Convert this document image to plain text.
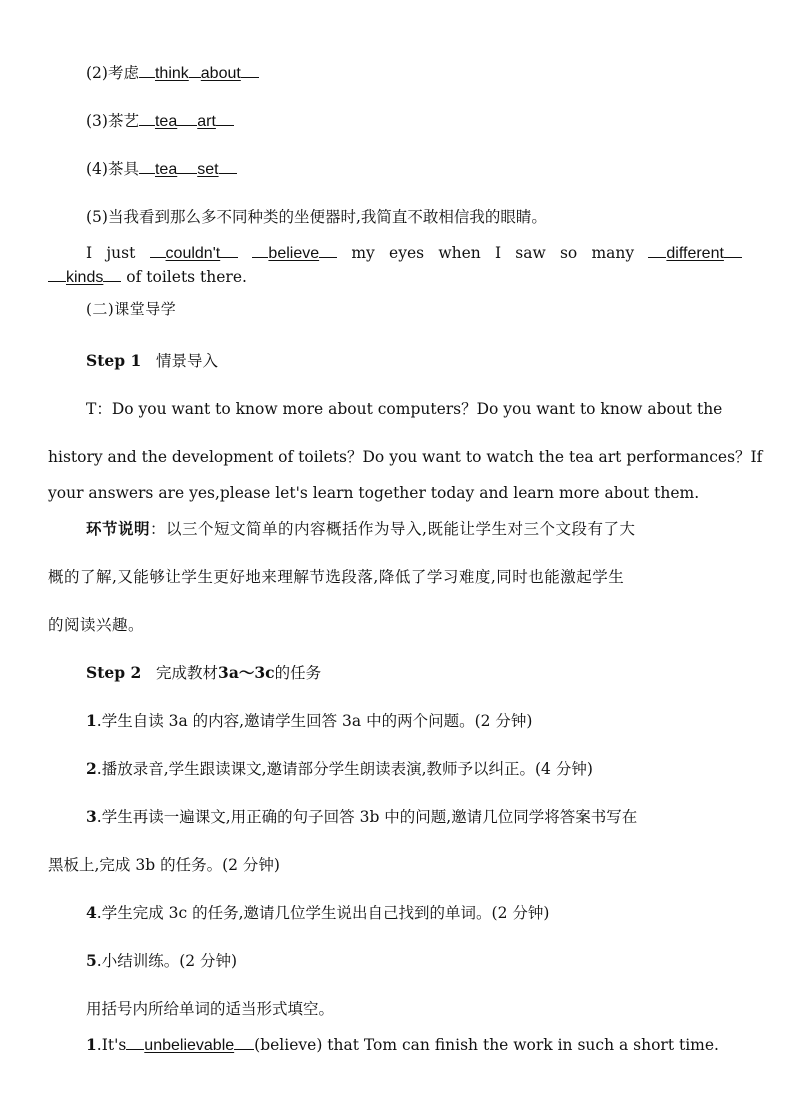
(2)考虑 think about
(3)茶艺 tea art
(4)茶具 tea set
(5)当我看到那么多不同种类的坐便器时,我简直不敢相信我的眼睛。
I just	couldn't	believe	my eyes when I saw so many	different
kinds of toilets there.
(二)课堂导学
Step 1 情景导入
T：Do you want to know more about computers？Do you want to know about the
history and the development of toilets？Do you want to watch the tea art performances？If
your answers are yes,please let's learn together today and learn more about them.
环节说明：以三个短文简单的内容概括作为导入,既能让学生对三个文段有了大
概的了解,又能够让学生更好地来理解节选段落,降低了学习难度,同时也能激起学生
的阅读兴趣。
Step 2 完成教材3a～3c的任务
1.学生自读 3a 的内容,邀请学生回答 3a 中的两个问题。(2 分钟)
2.播放录音,学生跟读课文,邀请部分学生朗读表演,教师予以纠正。(4 分钟)
3.学生再读一遍课文,用正确的句子回答 3b 中的问题,邀请几位同学将答案书写在
黑板上,完成 3b 的任务。(2 分钟)
4.学生完成 3c 的任务,邀请几位学生说出自己找到的单词。(2 分钟)
5.小结训练。(2 分钟)
用括号内所给单词的适当形式填空。
1.It's unbelievable (believe) that Tom can finish the work in such a short time.
